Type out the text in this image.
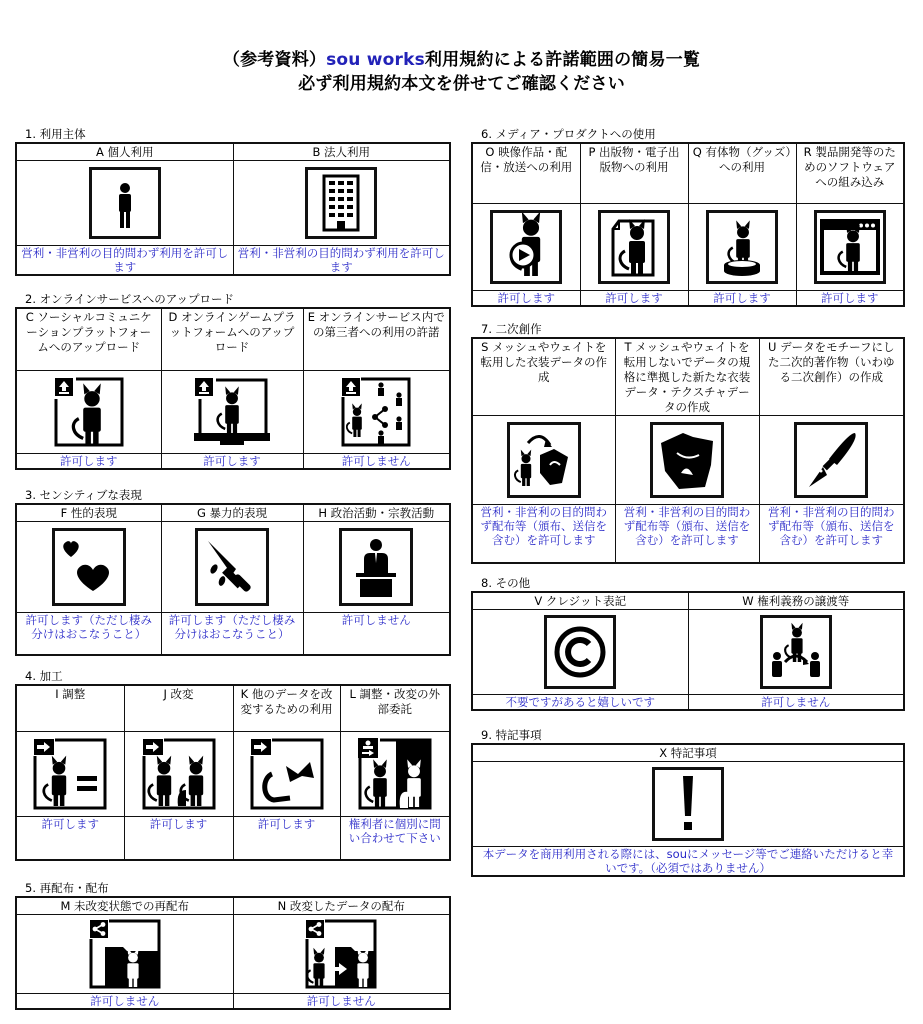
（参考資料）sou works利用規約による許諾範囲の簡易一覧
必ず利用規約本文を併せてご確認ください
1. 利用主体
A 個人利用	B 法人利用

営利・非営利の目的問わず利用を許可します	営利・非営利の目的問わず利用を許可します
2. オンラインサービスへのアップロード
C ソーシャルコミュニケーションプラットフォームへのアップロード	D オンラインゲームプラットフォームへのアップロード	E オンラインサービス内での第三者への利用の許諾

許可します	許可します	許可しません
3. センシティブな表現
F 性的表現	G 暴力的表現	H 政治活動・宗教活動

許可します（ただし棲み分けはおこなうこと）	許可します（ただし棲み分けはおこなうこと）	許可しません
4. 加工
I 調整	J 改変	K 他のデータを改変するための利用	L 調整・改変の外部委託

許可します	許可します	許可します	権利者に個別に問い合わせて下さい
5. 再配布・配布
M 未改変状態での再配布	N 改変したデータの配布

許可しません	許可しません
6. メディア・プロダクトへの使用
O 映像作品・配信・放送への利用	P 出版物・電子出版物への利用	Q 有体物（グッズ）への利用	R 製品開発等のためのソフトウェアへの組み込み

許可します	許可します	許可します	許可します
7. 二次創作
S メッシュやウェイトを転用した衣装データの作成	T メッシュやウェイトを転用しないでデータの規格に準拠した新たな衣装データ・テクスチャデータの作成	U データをモチーフにした二次的著作物（いわゆる二次創作）の作成

営利・非営利の目的問わず配布等（頒布、送信を含む）を許可します	営利・非営利の目的問わず配布等（頒布、送信を含む）を許可します	営利・非営利の目的問わず配布等（頒布、送信を含む）を許可します
8. その他
V クレジット表記	W 権利義務の譲渡等

不要ですがあると嬉しいです	許可しません
9. 特記事項
X 特記事項

本データを商用利用される際には、souにメッセージ等でご連絡いただけると幸いです。（必須ではありません）
